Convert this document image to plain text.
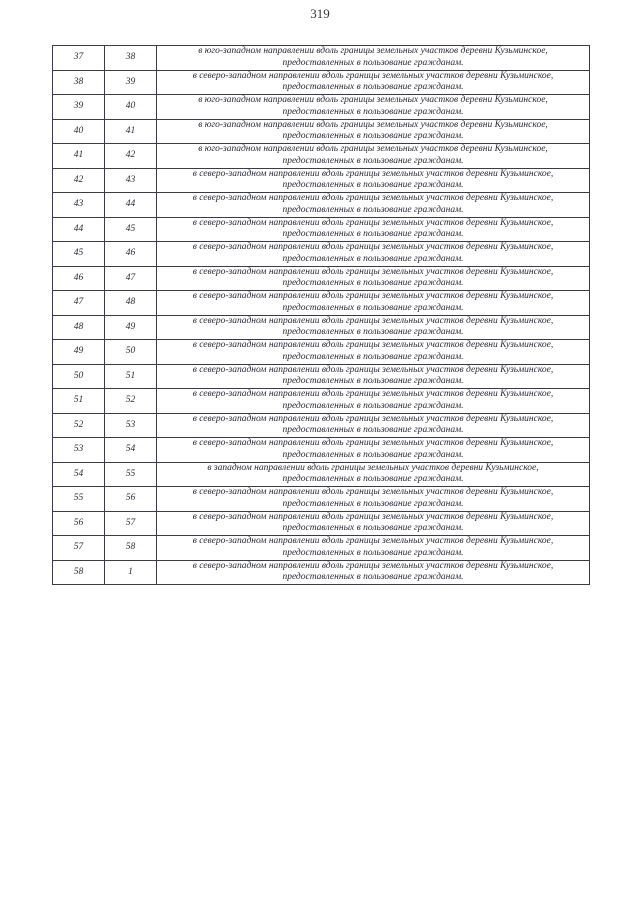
319
37	38	в юго-западном направлении вдоль границы земельных участков деревни Кузьминское,
предоставленных в пользование гражданам.

38	39	в северо-западном направлении вдоль границы земельных участков деревни Кузьминское,
предоставленных в пользование гражданам.

39	40	в юго-западном направлении вдоль границы земельных участков деревни Кузьминское,
предоставленных в пользование гражданам.

40	41	в юго-западном направлении вдоль границы земельных участков деревни Кузьминское,
предоставленных в пользование гражданам.

41	42	в юго-западном направлении вдоль границы земельных участков деревни Кузьминское,
предоставленных в пользование гражданам.

42	43	в северо-западном направлении вдоль границы земельных участков деревни Кузьминское,
предоставленных в пользование гражданам.

43	44	в северо-западном направлении вдоль границы земельных участков деревни Кузьминское,
предоставленных в пользование гражданам.

44	45	в северо-западном направлении вдоль границы земельных участков деревни Кузьминское,
предоставленных в пользование гражданам.

45	46	в северо-западном направлении вдоль границы земельных участков деревни Кузьминское,
предоставленных в пользование гражданам.

46	47	в северо-западном направлении вдоль границы земельных участков деревни Кузьминское,
предоставленных в пользование гражданам.

47	48	в северо-западном направлении вдоль границы земельных участков деревни Кузьминское,
предоставленных в пользование гражданам.

48	49	в северо-западном направлении вдоль границы земельных участков деревни Кузьминское,
предоставленных в пользование гражданам.

49	50	в северо-западном направлении вдоль границы земельных участков деревни Кузьминское,
предоставленных в пользование гражданам.

50	51	в северо-западном направлении вдоль границы земельных участков деревни Кузьминское,
предоставленных в пользование гражданам.

51	52	в северо-западном направлении вдоль границы земельных участков деревни Кузьминское,
предоставленных в пользование гражданам.

52	53	в северо-западном направлении вдоль границы земельных участков деревни Кузьминское,
предоставленных в пользование гражданам.

53	54	в северо-западном направлении вдоль границы земельных участков деревни Кузьминское,
предоставленных в пользование гражданам.

54	55	в западном направлении вдоль границы земельных участков деревни Кузьминское,
предоставленных в пользование гражданам.

55	56	в северо-западном направлении вдоль границы земельных участков деревни Кузьминское,
предоставленных в пользование гражданам.

56	57	в северо-западном направлении вдоль границы земельных участков деревни Кузьминское,
предоставленных в пользование гражданам.

57	58	в северо-западном направлении вдоль границы земельных участков деревни Кузьминское,
предоставленных в пользование гражданам.

58	1	в северо-западном направлении вдоль границы земельных участков деревни Кузьминское,
предоставленных в пользование гражданам.
